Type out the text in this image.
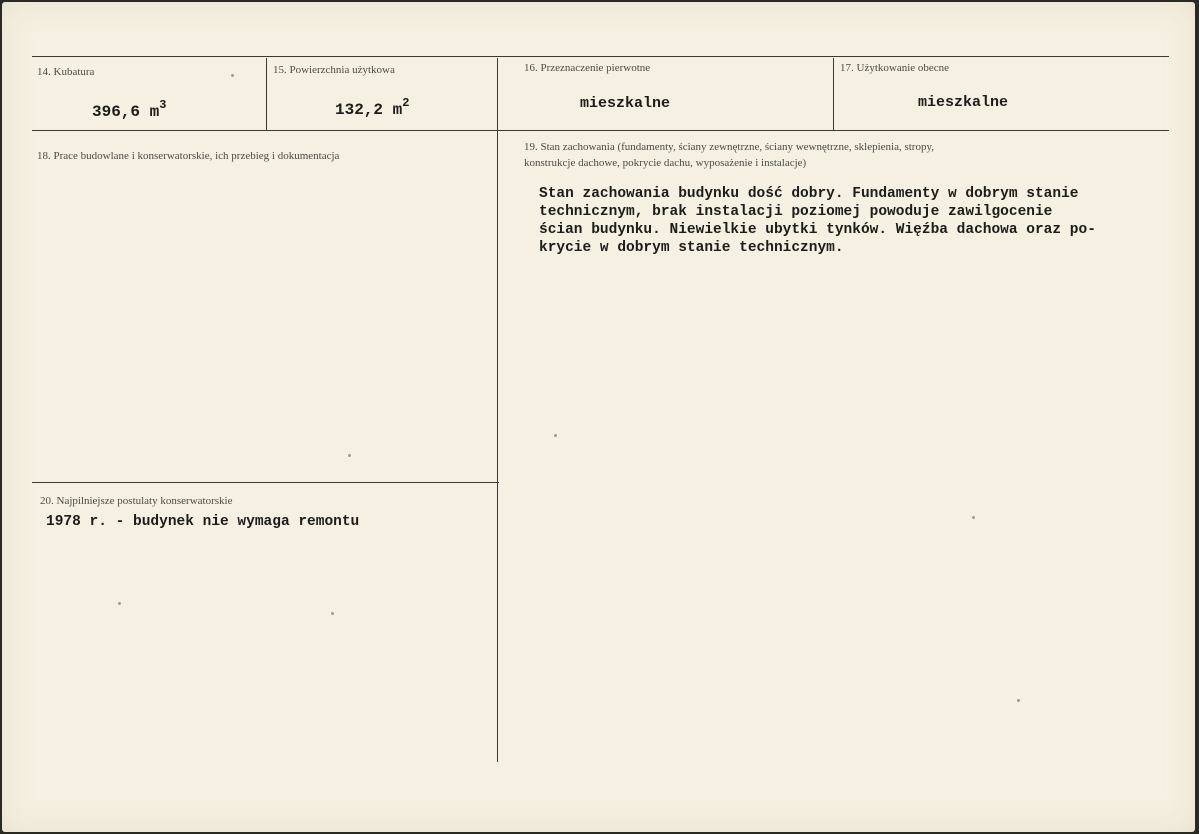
14. Kubatura
396,6 $m^3$
15. Powierzchnia użytkowa
132,2 $m^2$
16. Przeznaczenie pierwotne
mieszkalne
17. Użytkowanie obecne
mieszkalne
18. Prace budowlane i konserwatorskie, ich przebieg i dokumentacja
19. Stan zachowania (fundamenty, ściany zewnętrzne, ściany wewnętrzne, sklepienia, stropy,
konstrukcje dachowe, pokrycie dachu, wyposażenie i instalacje)
Stan zachowania budynku dość dobry. Fundamenty w dobrym stanie
technicznym, brak instalacji poziomej powoduje zawilgocenie
ścian budynku. Niewielkie ubytki tynków. Więźba dachowa oraz po-
krycie w dobrym stanie technicznym.
20. Najpilniejsze postulaty konserwatorskie
1978 r. - budynek nie wymaga remontu
